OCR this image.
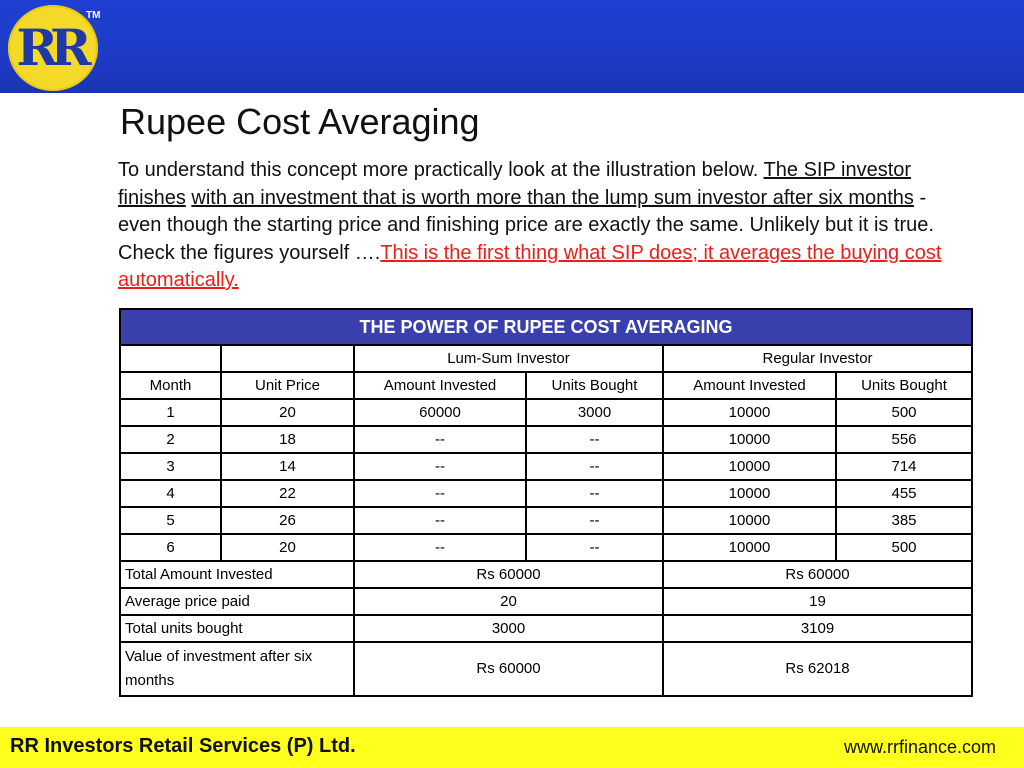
RR
TM
Rupee Cost Averaging
To understand this concept more practically look at the illustration below. The SIP investor finishes with an investment that is worth more than the lump sum investor after six months - even though the starting price and finishing price are exactly the same. Unlikely but it is true. Check the figures yourself ….This is the first thing what SIP does; it averages the buying cost automatically.
THE POWER OF RUPEE COST AVERAGING					
		Lum-Sum Investor		Regular Investor	
Month	Unit Price	Amount Invested	Units Bought	Amount Invested	Units Bought
1	20	60000	3000	10000	500
2	18	--	--	10000	556
3	14	--	--	10000	714
4	22	--	--	10000	455
5	26	--	--	10000	385
6	20	--	--	10000	500
Total Amount Invested		Rs 60000		Rs 60000	
Average price paid		20		19	
Total units bought		3000		3109	
Value of investment after six months		Rs 60000		Rs 62018	
RR Investors Retail Services (P) Ltd.	www.rrfinance.com
